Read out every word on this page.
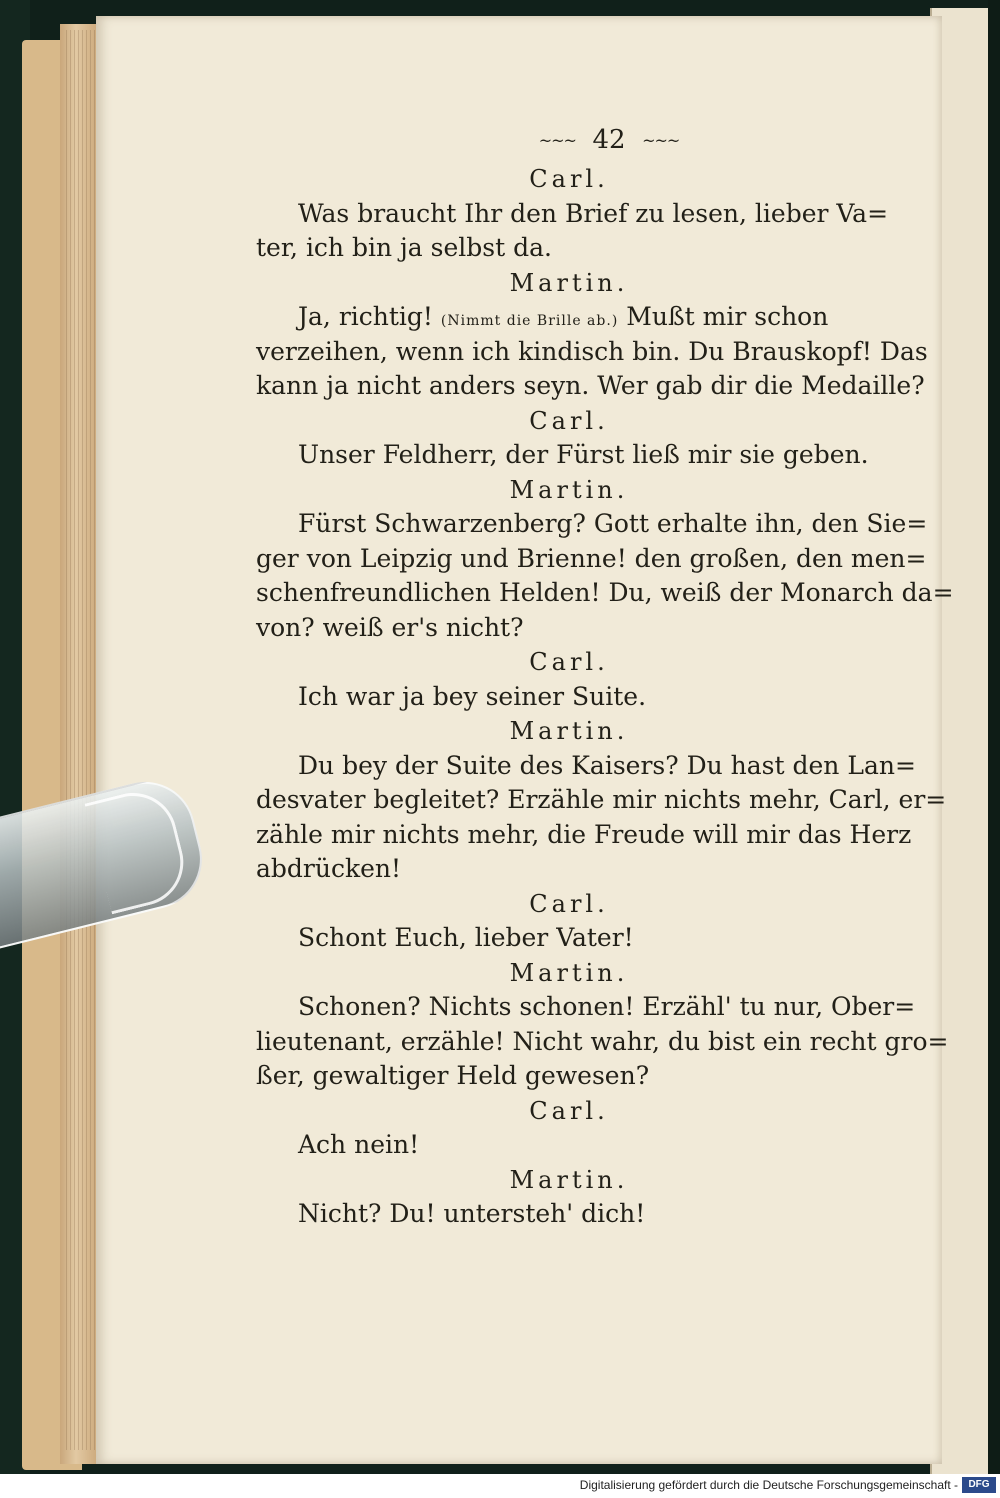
~~~ 42 ~~~
Carl.
Was braucht Ihr den Brief zu lesen, lieber Va=
ter, ich bin ja selbst da.
Martin.
Ja, richtig! (Nimmt die Brille ab.) Mußt mir schon
verzeihen, wenn ich kindisch bin. Du Brauskopf! Das
kann ja nicht anders seyn. Wer gab dir die Medaille?
Carl.
Unser Feldherr, der Fürst ließ mir sie geben.
Martin.
Fürst Schwarzenberg? Gott erhalte ihn, den Sie=
ger von Leipzig und Brienne! den großen, den men=
schenfreundlichen Helden! Du, weiß der Monarch da=
von? weiß er's nicht?
Carl.
Ich war ja bey seiner Suite.
Martin.
Du bey der Suite des Kaisers? Du hast den Lan=
desvater begleitet? Erzähle mir nichts mehr, Carl, er=
zähle mir nichts mehr, die Freude will mir das Herz
abdrücken!
Carl.
Schont Euch, lieber Vater!
Martin.
Schonen? Nichts schonen! Erzähl' tu nur, Ober=
lieutenant, erzähle! Nicht wahr, du bist ein recht gro=
ßer, gewaltiger Held gewesen?
Carl.
Ach nein!
Martin.
Nicht? Du! untersteh' dich!
Digitalisierung gefördert durch die Deutsche Forschungsgemeinschaft -	DFG
